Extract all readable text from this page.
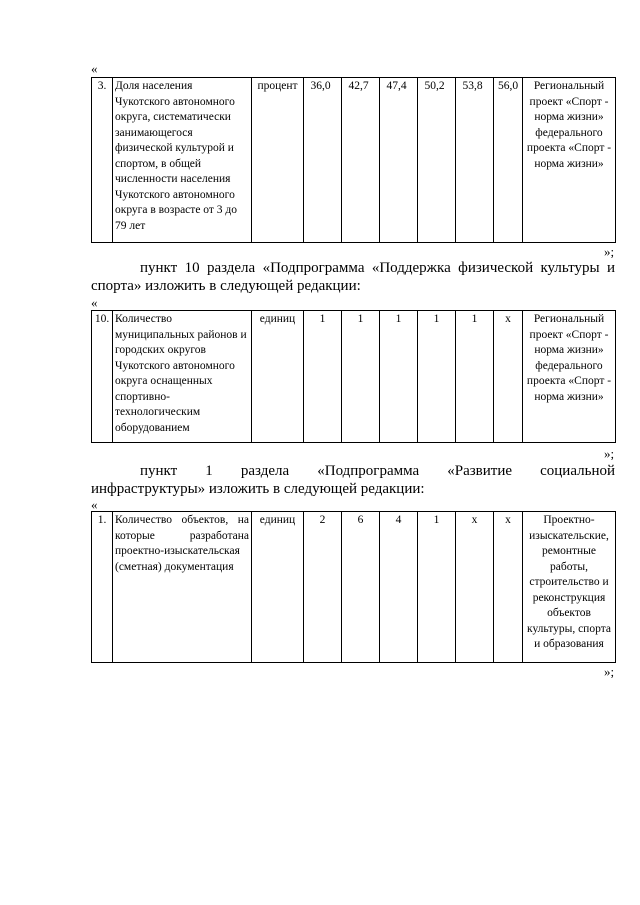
«
3.	Доля населения Чукотского автономного округа, систематически занимающегося физической культурой и спортом, в общей численности населения Чукотского автономного округа в возрасте от 3 до 79 лет	процент	36,0	42,7	47,4	50,2	53,8	56,0	Региональный проект «Спорт - норма жизни» федерального проекта «Спорт - норма жизни»
»;
пункт 10 раздела «Подпрограмма «Поддержка физической культуры и
спорта» изложить в следующей редакции:
«
10.	Количество муниципальных районов и городских округов Чукотского автономного округа оснащенных спортивно-технологическим оборудованием	единиц	1	1	1	1	1	х	Региональный проект «Спорт - норма жизни» федерального проекта «Спорт - норма жизни»
»;
пункт 1 раздела «Подпрограмма «Развитие социальной
инфраструктуры» изложить в следующей редакции:
«
1.	Количество объектов, на которые разработана проектно-изыскательская (сметная) документация	единиц	2	6	4	1	х	х	Проектно-изыскательские, ремонтные работы, строительство и реконструкция объектов культуры, спорта и образования
»;
